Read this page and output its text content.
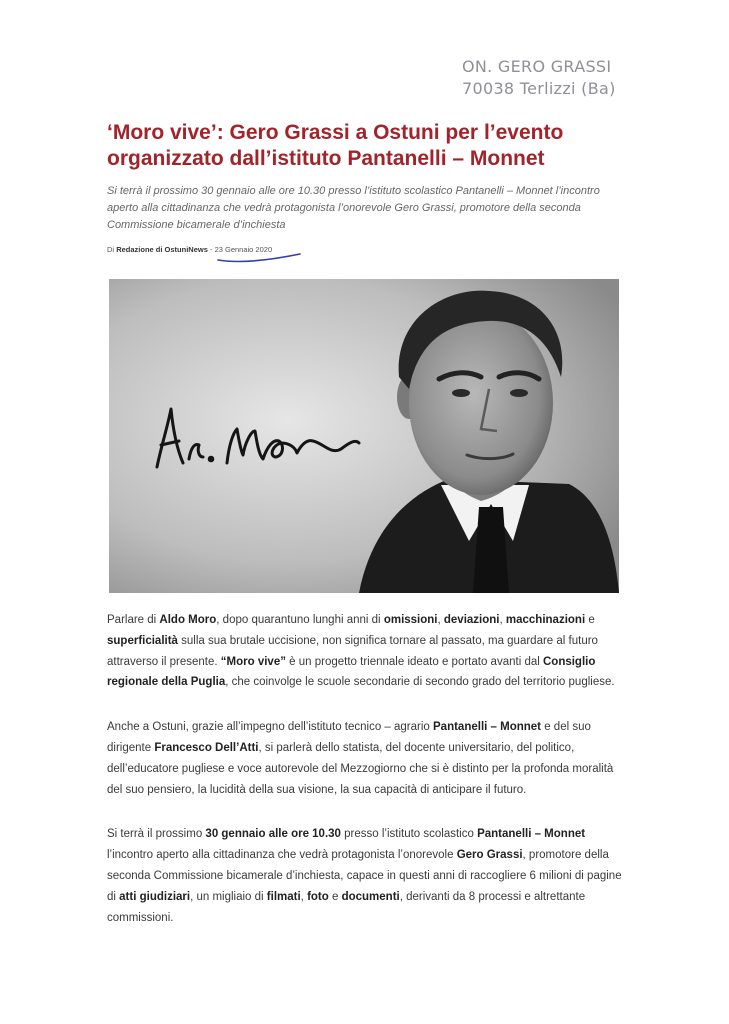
ON. GERO GRASSI
70038 Terlizzi (Ba)
‘Moro vive’: Gero Grassi a Ostuni per l’evento organizzato dall’istituto Pantanelli – Monnet

Si terrà il prossimo 30 gennaio alle ore 10.30 presso l’istituto scolastico Pantanelli – Monnet l’incontro aperto alla cittadinanza che vedrà protagonista l’onorevole Gero Grassi, promotore della seconda Commissione bicamerale d’inchiesta

Di Redazione di OstuniNews - 23 Gennaio 2020

Parlare di Aldo Moro, dopo quarantuno lunghi anni di omissioni, deviazioni, macchinazioni e superficialità sulla sua brutale uccisione, non significa tornare al passato, ma guardare al futuro attraverso il presente. “Moro vive” è un progetto triennale ideato e portato avanti dal Consiglio regionale della Puglia, che coinvolge le scuole secondarie di secondo grado del territorio pugliese.

Anche a Ostuni, grazie all’impegno dell’istituto tecnico – agrario Pantanelli – Monnet e del suo dirigente Francesco Dell’Atti, si parlerà dello statista, del docente universitario, del politico, dell’educatore pugliese e voce autorevole del Mezzogiorno che si è distinto per la profonda moralità del suo pensiero, la lucidità della sua visione, la sua capacità di anticipare il futuro.

Si terrà il prossimo 30 gennaio alle ore 10.30 presso l’istituto scolastico Pantanelli – Monnet l’incontro aperto alla cittadinanza che vedrà protagonista l’onorevole Gero Grassi, promotore della seconda Commissione bicamerale d’inchiesta, capace in questi anni di raccogliere 6 milioni di pagine di atti giudiziari, un migliaio di filmati, foto e documenti, derivanti da 8 processi e altrettante commissioni.
